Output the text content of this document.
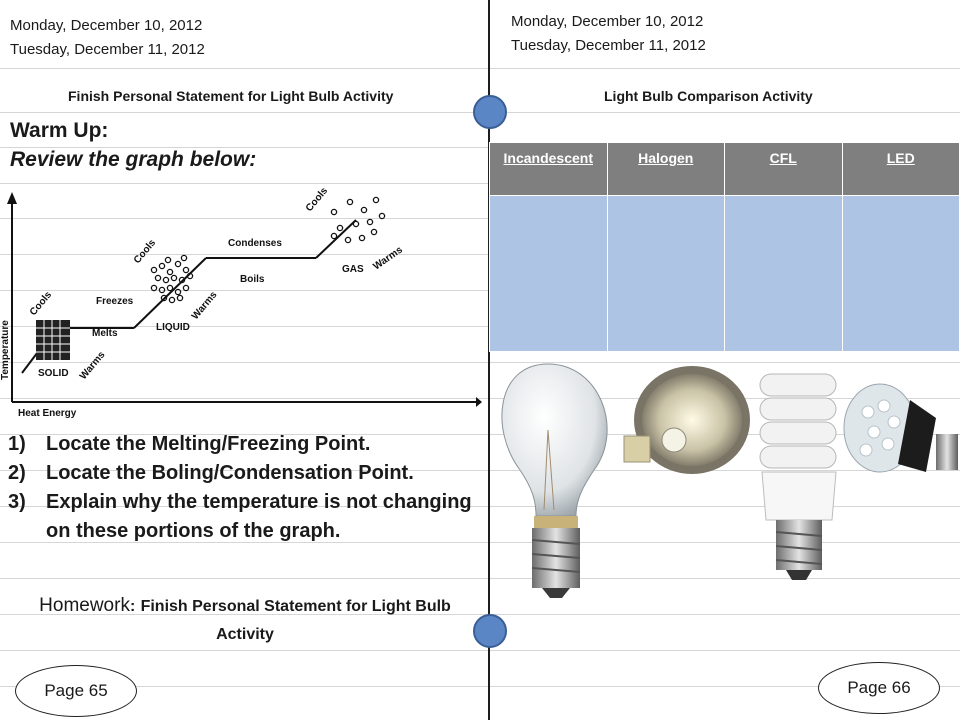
Monday, December 10, 2012
Tuesday, December 11, 2012
Finish Personal Statement for Light Bulb Activity
Warm Up:
Review the graph below:
Temperature
Heat Energy
SOLID
LIQUID
GAS
Melts
Freezes
Boils
Condenses
Warms
Warms
Warms
Cools
Cools
Cools
1)	Locate the Melting/Freezing Point.
2)	Locate the Boling/Condensation Point.
3)	Explain why the temperature is not changing on these portions of the graph.
Homework: Finish Personal Statement for Light Bulb Activity
Page 65
Monday, December 10, 2012
Tuesday, December 11, 2012
Light Bulb Comparison Activity
Incandescent	Halogen	CFL	LED

Page 66
